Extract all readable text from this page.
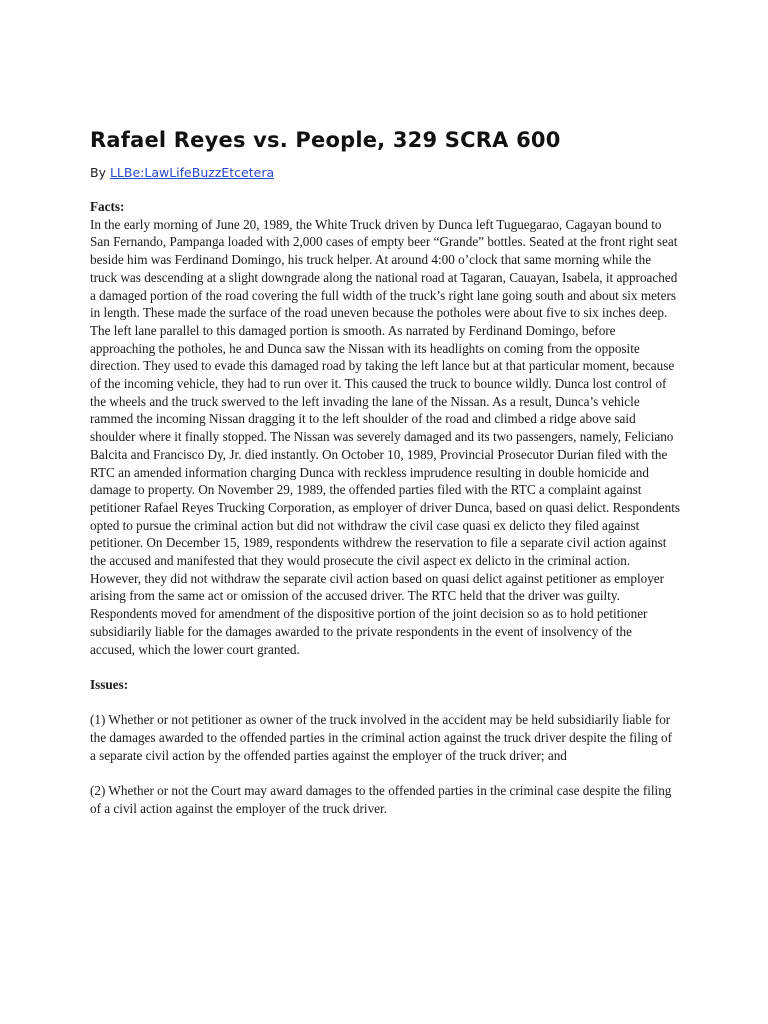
Rafael Reyes vs. People, 329 SCRA 600
By LLBe:LawLifeBuzzEtcetera

Facts:

In the early morning of June 20, 1989, the White Truck driven by Dunca left Tuguegarao, Cagayan bound to San Fernando, Pampanga loaded with 2,000 cases of empty beer “Grande” bottles. Seated at the front right seat beside him was Ferdinand Domingo, his truck helper. At around 4:00 o’clock that same morning while the truck was descending at a slight downgrade along the national road at Tagaran, Cauayan, Isabela, it approached a damaged portion of the road covering the full width of the truck’s right lane going south and about six meters in length. These made the surface of the road uneven because the potholes were about five to six inches deep. The left lane parallel to this damaged portion is smooth. As narrated by Ferdinand Domingo, before approaching the potholes, he and Dunca saw the Nissan with its headlights on coming from the opposite direction. They used to evade this damaged road by taking the left lance but at that particular moment, because of the incoming vehicle, they had to run over it. This caused the truck to bounce wildly. Dunca lost control of the wheels and the truck swerved to the left invading the lane of the Nissan. As a result, Dunca’s vehicle rammed the incoming Nissan dragging it to the left shoulder of the road and climbed a ridge above said shoulder where it finally stopped. The Nissan was severely damaged and its two passengers, namely, Feliciano Balcita and Francisco Dy, Jr. died instantly. On October 10, 1989, Provincial Prosecutor Durian filed with the RTC an amended information charging Dunca with reckless imprudence resulting in double homicide and damage to property. On November 29, 1989, the offended parties filed with the RTC a complaint against petitioner Rafael Reyes Trucking Corporation, as employer of driver Dunca, based on quasi delict. Respondents opted to pursue the criminal action but did not withdraw the civil case quasi ex delicto they filed against petitioner. On December 15, 1989, respondents withdrew the reservation to file a separate civil action against the accused and manifested that they would prosecute the civil aspect ex delicto in the criminal action. However, they did not withdraw the separate civil action based on quasi delict against petitioner as employer arising from the same act or omission of the accused driver. The RTC held that the driver was guilty. Respondents moved for amendment of the dispositive portion of the joint decision so as to hold petitioner subsidiarily liable for the damages awarded to the private respondents in the event of insolvency of the accused, which the lower court granted.

Issues:

(1) Whether or not petitioner as owner of the truck involved in the accident may be held subsidiarily liable for the damages awarded to the offended parties in the criminal action against the truck driver despite the filing of a separate civil action by the offended parties against the employer of the truck driver; and

(2) Whether or not the Court may award damages to the offended parties in the criminal case despite the filing of a civil action against the employer of the truck driver.
